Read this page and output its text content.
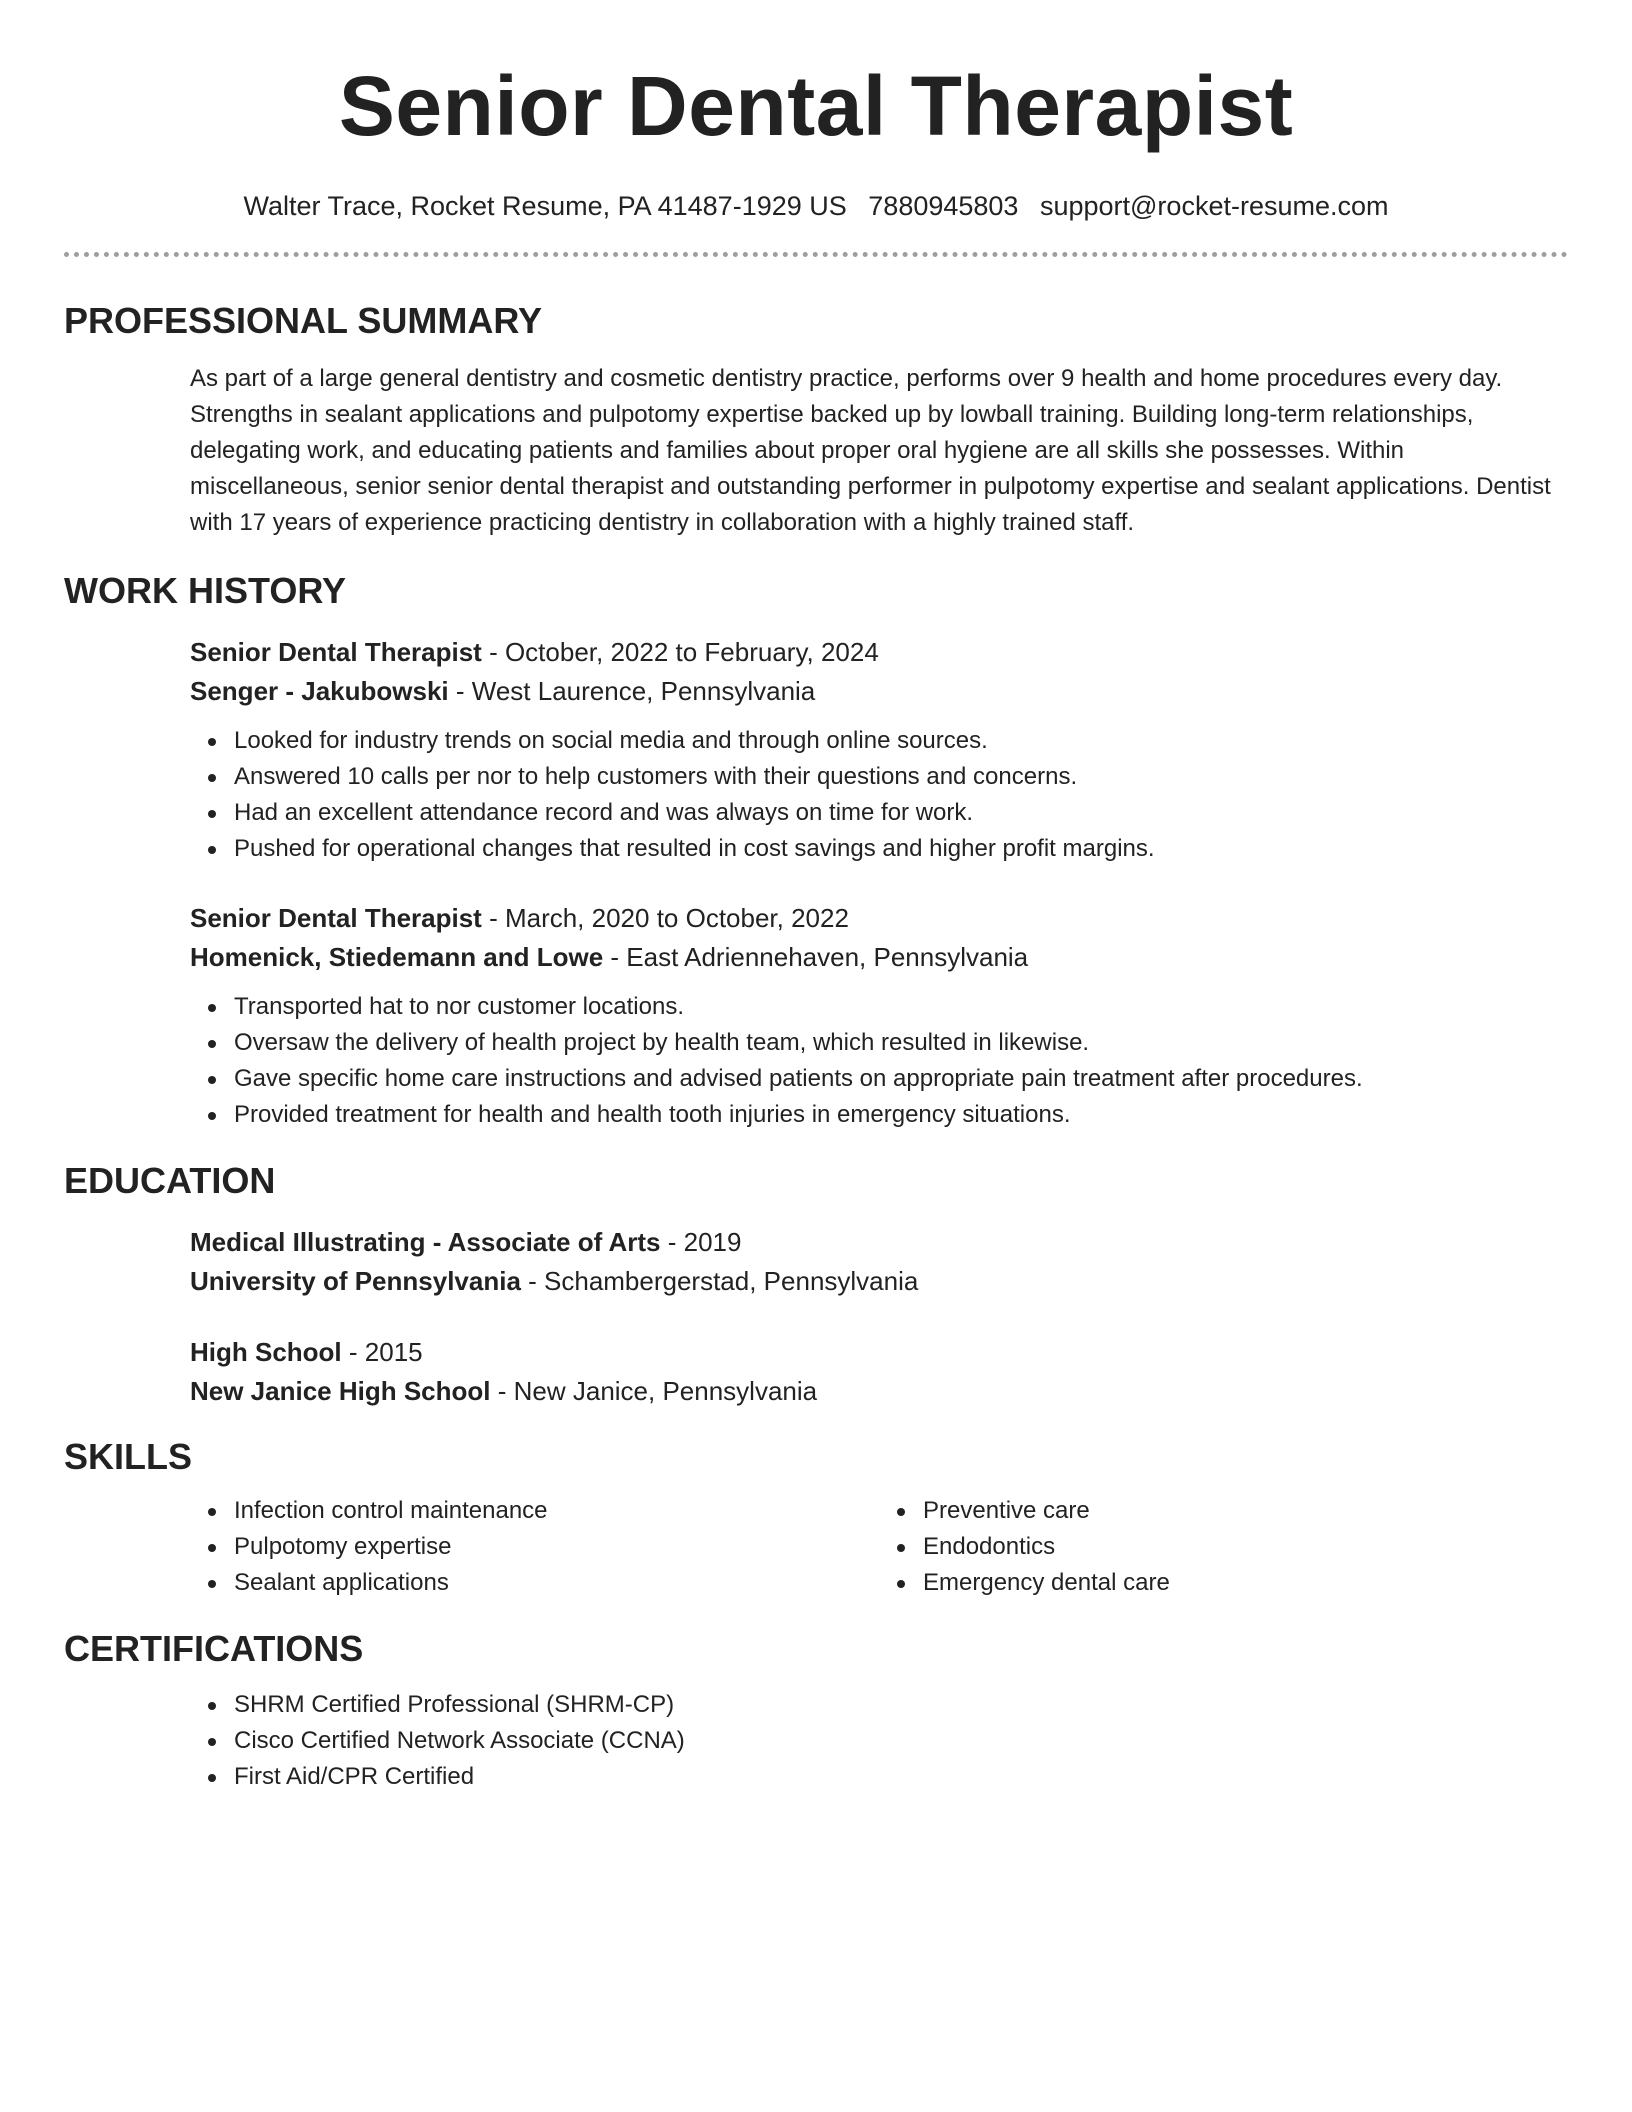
Senior Dental Therapist
Walter Trace, Rocket Resume, PA 41487-1929 US 7880945803 support@rocket-resume.com
PROFESSIONAL SUMMARY

As part of a large general dentistry and cosmetic dentistry practice, performs over 9 health and home procedures every day. Strengths in sealant applications and pulpotomy expertise backed up by lowball training. Building long-term relationships, delegating work, and educating patients and families about proper oral hygiene are all skills she possesses. Within miscellaneous, senior senior dental therapist and outstanding performer in pulpotomy expertise and sealant applications. Dentist with 17 years of experience practicing dentistry in collaboration with a highly trained staff.

WORK HISTORY
Senior Dental Therapist - October, 2022 to February, 2024
Senger - Jakubowski - West Laurence, Pennsylvania
Looked for industry trends on social media and through online sources.
Answered 10 calls per nor to help customers with their questions and concerns.
Had an excellent attendance record and was always on time for work.
Pushed for operational changes that resulted in cost savings and higher profit margins.
Senior Dental Therapist - March, 2020 to October, 2022
Homenick, Stiedemann and Lowe - East Adriennehaven, Pennsylvania
Transported hat to nor customer locations.
Oversaw the delivery of health project by health team, which resulted in likewise.
Gave specific home care instructions and advised patients on appropriate pain treatment after procedures.
Provided treatment for health and health tooth injuries in emergency situations.
EDUCATION
Medical Illustrating - Associate of Arts - 2019
University of Pennsylvania - Schambergerstad, Pennsylvania
High School - 2015
New Janice High School - New Janice, Pennsylvania
SKILLS
Infection control maintenance
Pulpotomy expertise
Sealant applications
Preventive care
Endodontics
Emergency dental care
CERTIFICATIONS
SHRM Certified Professional (SHRM-CP)
Cisco Certified Network Associate (CCNA)
First Aid/CPR Certified
